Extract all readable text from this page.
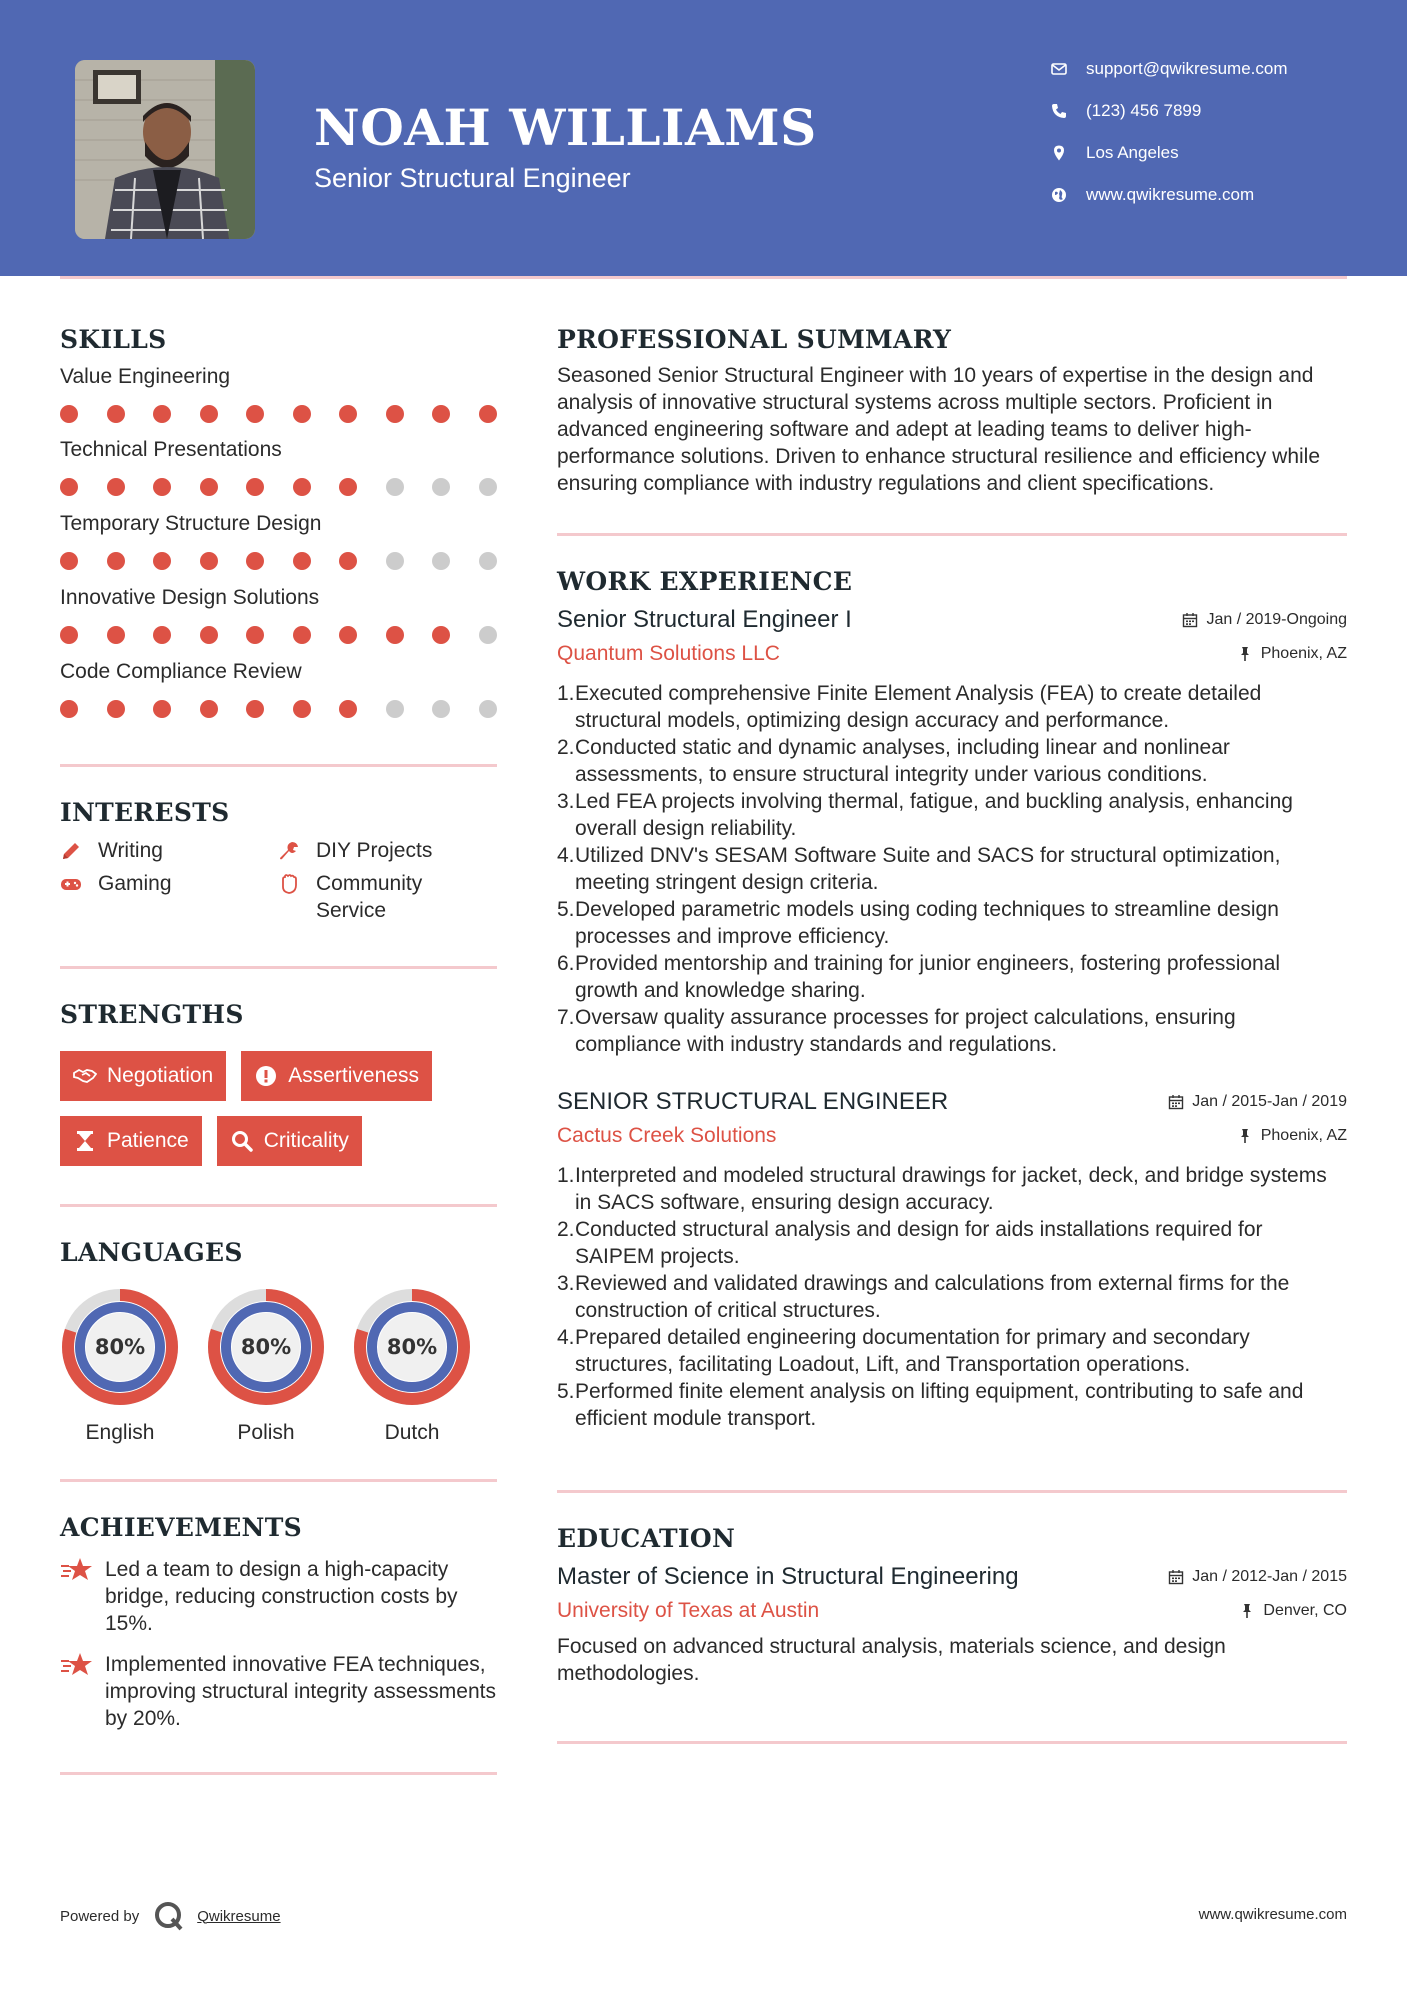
NOAH WILLIAMS
Senior Structural Engineer
support@qwikresume.com
(123) 456 7899
Los Angeles
www.qwikresume.com
SKILLS
Value Engineering
Technical Presentations
Temporary Structure Design
Innovative Design Solutions
Code Compliance Review
INTERESTS
Writing	DIY Projects
Gaming	Community Service
STRENGTHS
Negotiation	Assertiveness
Patience	Criticality
LANGUAGES
80%
English
80%
Polish
80%
Dutch
ACHIEVEMENTS
Led a team to design a high-capacity bridge, reducing construction costs by 15%.
Implemented innovative FEA techniques, improving structural integrity assessments by 20%.
PROFESSIONAL SUMMARY
Seasoned Senior Structural Engineer with 10 years of expertise in the design and analysis of innovative structural systems across multiple sectors. Proficient in advanced engineering software and adept at leading teams to deliver high-performance solutions. Driven to enhance structural resilience and efficiency while ensuring compliance with industry regulations and client specifications.
WORK EXPERIENCE
Senior Structural Engineer I	Jan / 2019-Ongoing
Quantum Solutions LLC	Phoenix, AZ
1. Executed comprehensive Finite Element Analysis (FEA) to create detailed structural models, optimizing design accuracy and performance.
2. Conducted static and dynamic analyses, including linear and nonlinear assessments, to ensure structural integrity under various conditions.
3. Led FEA projects involving thermal, fatigue, and buckling analysis, enhancing overall design reliability.
4. Utilized DNV's SESAM Software Suite and SACS for structural optimization, meeting stringent design criteria.
5. Developed parametric models using coding techniques to streamline design processes and improve efficiency.
6. Provided mentorship and training for junior engineers, fostering professional growth and knowledge sharing.
7. Oversaw quality assurance processes for project calculations, ensuring compliance with industry standards and regulations.
SENIOR STRUCTURAL ENGINEER	Jan / 2015-Jan / 2019
Cactus Creek Solutions	Phoenix, AZ
1. Interpreted and modeled structural drawings for jacket, deck, and bridge systems in SACS software, ensuring design accuracy.
2. Conducted structural analysis and design for aids installations required for SAIPEM projects.
3. Reviewed and validated drawings and calculations from external firms for the construction of critical structures.
4. Prepared detailed engineering documentation for primary and secondary structures, facilitating Loadout, Lift, and Transportation operations.
5. Performed finite element analysis on lifting equipment, contributing to safe and efficient module transport.
EDUCATION
Master of Science in Structural Engineering	Jan / 2012-Jan / 2015
University of Texas at Austin	Denver, CO
Focused on advanced structural analysis, materials science, and design methodologies.
Powered by	Qwikresume	www.qwikresume.com
